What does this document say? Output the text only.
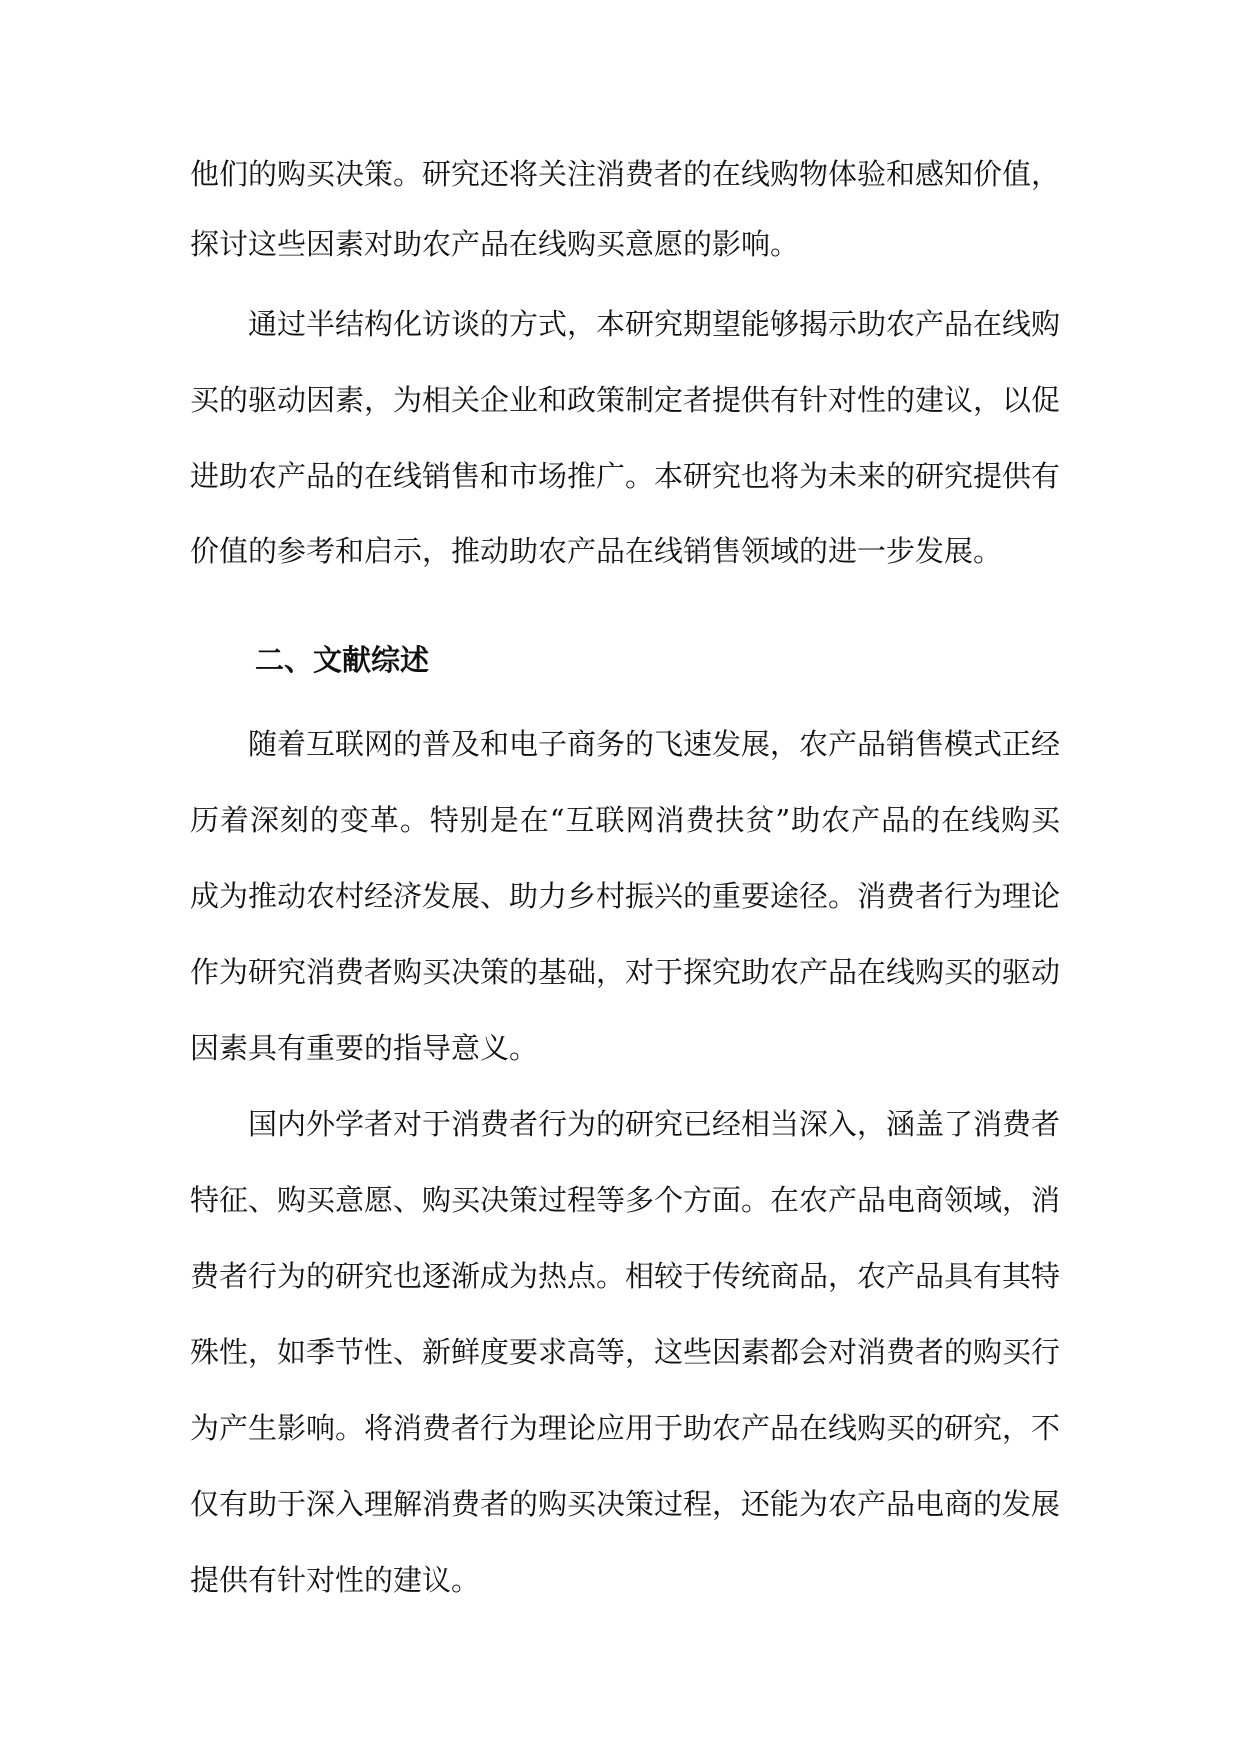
他们的购买决策。研究还将关注消费者的在线购物体验和感知价值，
探讨这些因素对助农产品在线购买意愿的影响。
通过半结构化访谈的方式，本研究期望能够揭示助农产品在线购
买的驱动因素，为相关企业和政策制定者提供有针对性的建议，以促
进助农产品的在线销售和市场推广。本研究也将为未来的研究提供有
价值的参考和启示，推动助农产品在线销售领域的进一步发展。
二、文献综述
随着互联网的普及和电子商务的飞速发展，农产品销售模式正经
历着深刻的变革。特别是在“互联网消费扶贫”助农产品的在线购买
成为推动农村经济发展、助力乡村振兴的重要途径。消费者行为理论
作为研究消费者购买决策的基础，对于探究助农产品在线购买的驱动
因素具有重要的指导意义。
国内外学者对于消费者行为的研究已经相当深入，涵盖了消费者
特征、购买意愿、购买决策过程等多个方面。在农产品电商领域，消
费者行为的研究也逐渐成为热点。相较于传统商品，农产品具有其特
殊性，如季节性、新鲜度要求高等，这些因素都会对消费者的购买行
为产生影响。将消费者行为理论应用于助农产品在线购买的研究，不
仅有助于深入理解消费者的购买决策过程，还能为农产品电商的发展
提供有针对性的建议。
